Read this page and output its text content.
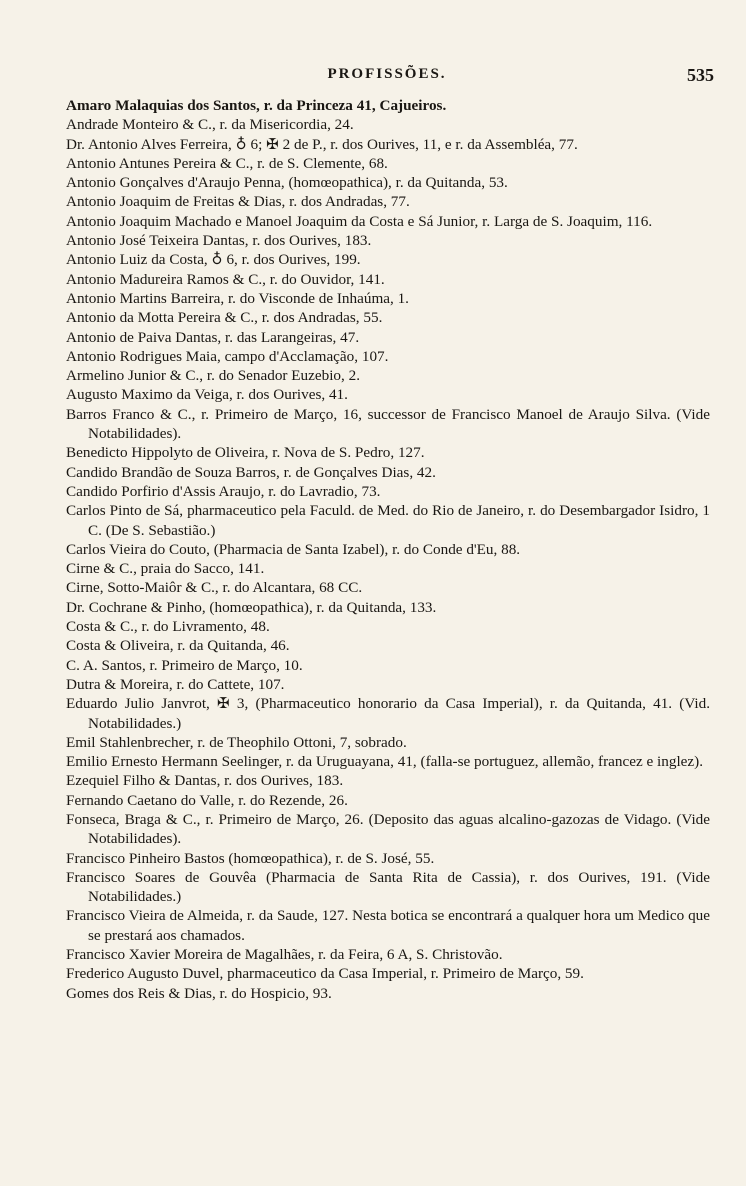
PROFISSÕES.	535
Amaro Malaquias dos Santos, r. da Princeza 41, Cajueiros.
Andrade Monteiro & C., r. da Misericordia, 24.
Dr. Antonio Alves Ferreira, ♁ 6; ✠ 2 de P., r. dos Ourives, 11, e r. da Assembléa, 77.
Antonio Antunes Pereira & C., r. de S. Clemente, 68.
Antonio Gonçalves d'Araujo Penna, (homœopathica), r. da Quitanda, 53.
Antonio Joaquim de Freitas & Dias, r. dos Andradas, 77.
Antonio Joaquim Machado e Manoel Joaquim da Costa e Sá Junior, r. Larga de S. Joaquim, 116.
Antonio José Teixeira Dantas, r. dos Ourives, 183.
Antonio Luiz da Costa, ♁ 6, r. dos Ourives, 199.
Antonio Madureira Ramos & C., r. do Ouvidor, 141.
Antonio Martins Barreira, r. do Visconde de Inhaúma, 1.
Antonio da Motta Pereira & C., r. dos Andradas, 55.
Antonio de Paiva Dantas, r. das Larangeiras, 47.
Antonio Rodrigues Maia, campo d'Acclamação, 107.
Armelino Junior & C., r. do Senador Euzebio, 2.
Augusto Maximo da Veiga, r. dos Ourives, 41.
Barros Franco & C., r. Primeiro de Março, 16, successor de Francisco Manoel de Araujo Silva. (Vide Notabilidades).
Benedicto Hippolyto de Oliveira, r. Nova de S. Pedro, 127.
Candido Brandão de Souza Barros, r. de Gonçalves Dias, 42.
Candido Porfirio d'Assis Araujo, r. do Lavradio, 73.
Carlos Pinto de Sá, pharmaceutico pela Faculd. de Med. do Rio de Janeiro, r. do Desembargador Isidro, 1 C. (De S. Sebastião.)
Carlos Vieira do Couto, (Pharmacia de Santa Izabel), r. do Conde d'Eu, 88.
Cirne & C., praia do Sacco, 141.
Cirne, Sotto-Maiôr & C., r. do Alcantara, 68 CC.
Dr. Cochrane & Pinho, (homœopathica), r. da Quitanda, 133.
Costa & C., r. do Livramento, 48.
Costa & Oliveira, r. da Quitanda, 46.
C. A. Santos, r. Primeiro de Março, 10.
Dutra & Moreira, r. do Cattete, 107.
Eduardo Julio Janvrot, ✠ 3, (Pharmaceutico honorario da Casa Imperial), r. da Quitanda, 41. (Vid. Notabilidades.)
Emil Stahlenbrecher, r. de Theophilo Ottoni, 7, sobrado.
Emilio Ernesto Hermann Seelinger, r. da Uruguayana, 41, (falla-se portuguez, allemão, francez e inglez).
Ezequiel Filho & Dantas, r. dos Ourives, 183.
Fernando Caetano do Valle, r. do Rezende, 26.
Fonseca, Braga & C., r. Primeiro de Março, 26. (Deposito das aguas alcalino-gazozas de Vidago. (Vide Notabilidades).
Francisco Pinheiro Bastos (homœopathica), r. de S. José, 55.
Francisco Soares de Gouvêa (Pharmacia de Santa Rita de Cassia), r. dos Ourives, 191. (Vide Notabilidades.)
Francisco Vieira de Almeida, r. da Saude, 127. Nesta botica se encontrará a qualquer hora um Medico que se prestará aos chamados.
Francisco Xavier Moreira de Magalhães, r. da Feira, 6 A, S. Christovão.
Frederico Augusto Duvel, pharmaceutico da Casa Imperial, r. Primeiro de Março, 59.
Gomes dos Reis & Dias, r. do Hospicio, 93.
